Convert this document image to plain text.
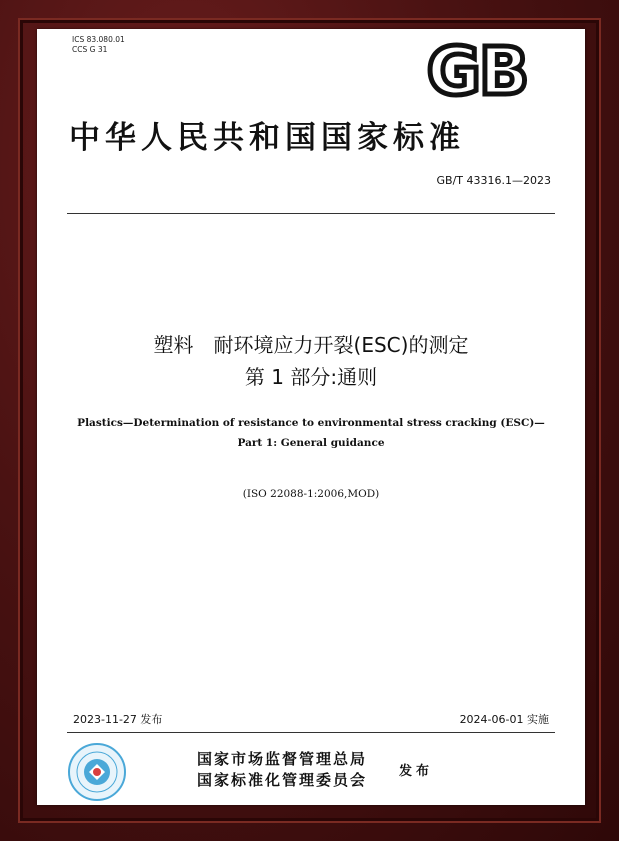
ICS 83.080.01
CCS G 31	GB
中华人民共和国国家标准
GB/T 43316.1—2023
塑料　耐环境应力开裂(ESC)的测定
第 1 部分:通则
Plastics—Determination of resistance to environmental stress cracking (ESC)—
Part 1: General guidance
(ISO 22088-1:2006,MOD)
2023-11-27 发布	2024-06-01 实施
国家市场监督管理总局
国家标准化管理委员会 发布
